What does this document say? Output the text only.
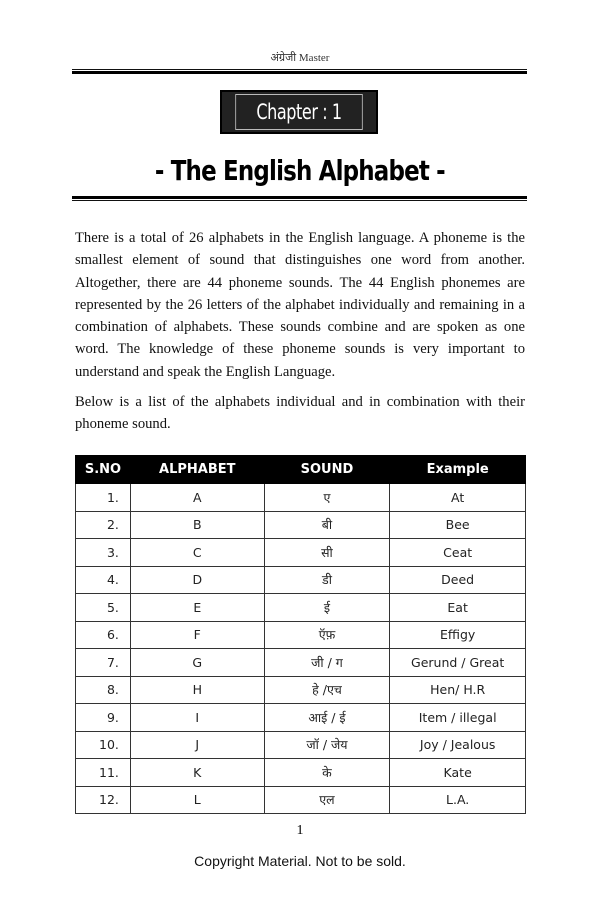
अंग्रेजी Master
Chapter : 1
- The English Alphabet -
There is a total of 26 alphabets in the English language. A phoneme is the smallest element of sound that distinguishes one word from another. Altogether, there are 44 phoneme sounds. The 44 English phonemes are represented by the 26 letters of the alphabet individually and remaining in a combination of alphabets. These sounds combine and are spoken as one word. The knowledge of these phoneme sounds is very important to understand and speak the English Language.
Below is a list of the alphabets individual and in combination with their phoneme sound.
S.NO	ALPHABET	SOUND	Example
1.	A	ए	At
2.	B	बी	Bee
3.	C	सी	Ceat
4.	D	डी	Deed
5.	E	ई	Eat
6.	F	ऍफ़	Effigy
7.	G	जी / ग	Gerund / Great
8.	H	हे /एच	Hen/ H.R
9.	I	आई / ई	Item / illegal
10.	J	जॉ / जेय	Joy / Jealous
11.	K	के	Kate
12.	L	एल	L.A.
1
Copyright Material. Not to be sold.
